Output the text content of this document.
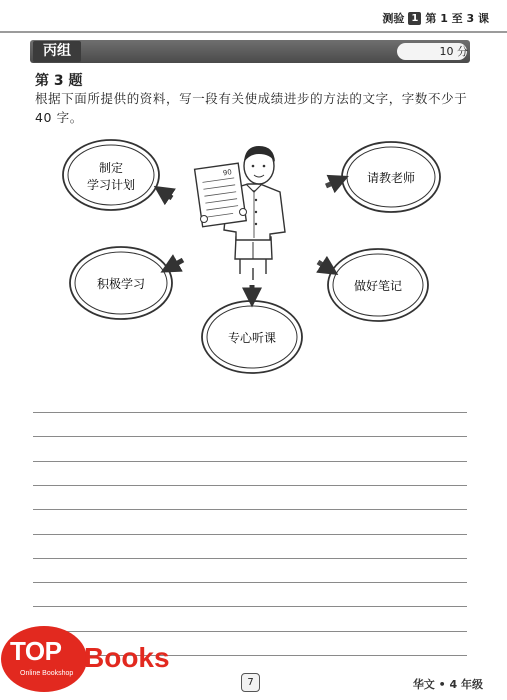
测验 1 第 1 至 3 课
丙组	10 分
第 3 题
根据下面所提供的资料，写一段有关使成绩进步的方法的文字，字数不少于 40 字。
制定
学习计划	请教老师
积极学习	做好笔记
专心听课
90
7	华文 • 4 年级
TOP
Online Bookshop
Books
